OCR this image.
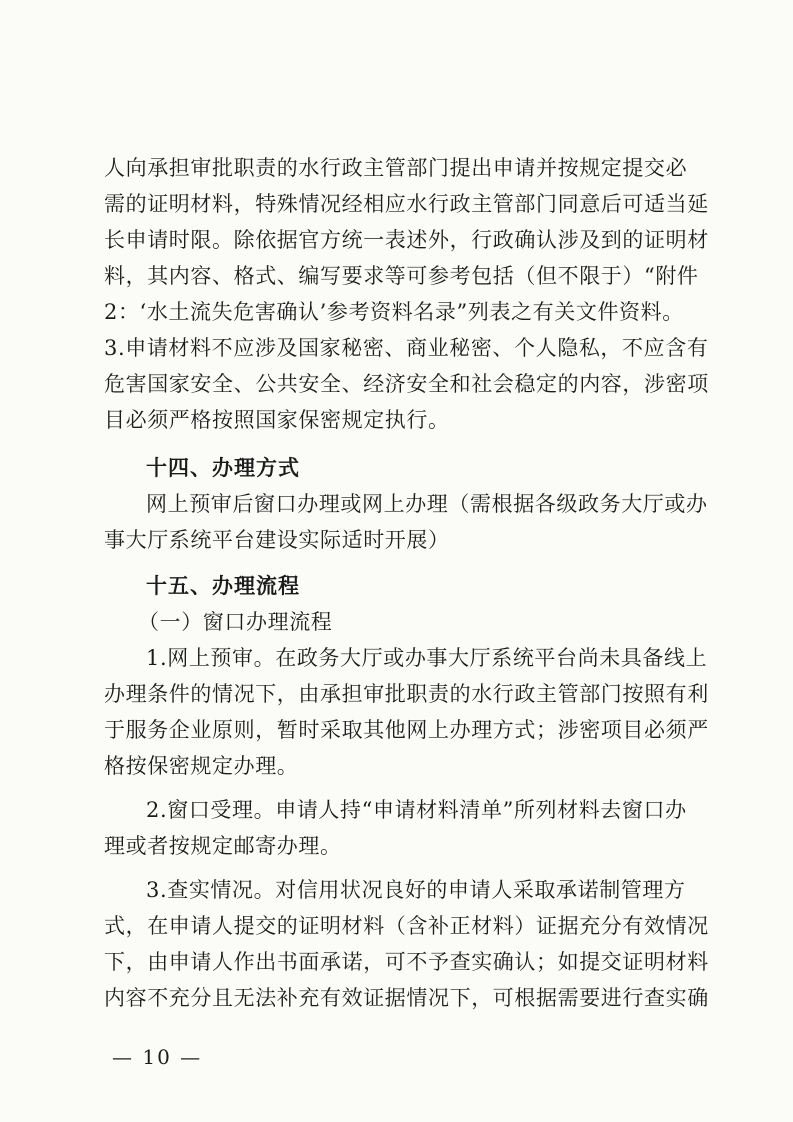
人向承担审批职责的水行政主管部门提出申请并按规定提交必
需的证明材料，特殊情况经相应水行政主管部门同意后可适当延
长申请时限。除依据官方统一表述外，行政确认涉及到的证明材
料，其内容、格式、编写要求等可参考包括（但不限于）“附件
2：‘水土流失危害确认’参考资料名录”列表之有关文件资料。
3.申请材料不应涉及国家秘密、商业秘密、个人隐私，不应含有
危害国家安全、公共安全、经济安全和社会稳定的内容，涉密项
目必须严格按照国家保密规定执行。
十四、办理方式
网上预审后窗口办理或网上办理（需根据各级政务大厅或办
事大厅系统平台建设实际适时开展）
十五、办理流程
（一）窗口办理流程
1.网上预审。在政务大厅或办事大厅系统平台尚未具备线上
办理条件的情况下，由承担审批职责的水行政主管部门按照有利
于服务企业原则，暂时采取其他网上办理方式；涉密项目必须严
格按保密规定办理。
2.窗口受理。申请人持“申请材料清单”所列材料去窗口办
理或者按规定邮寄办理。
3.查实情况。对信用状况良好的申请人采取承诺制管理方
式，在申请人提交的证明材料（含补正材料）证据充分有效情况
下，由申请人作出书面承诺，可不予查实确认；如提交证明材料
内容不充分且无法补充有效证据情况下，可根据需要进行查实确
— 10 —
